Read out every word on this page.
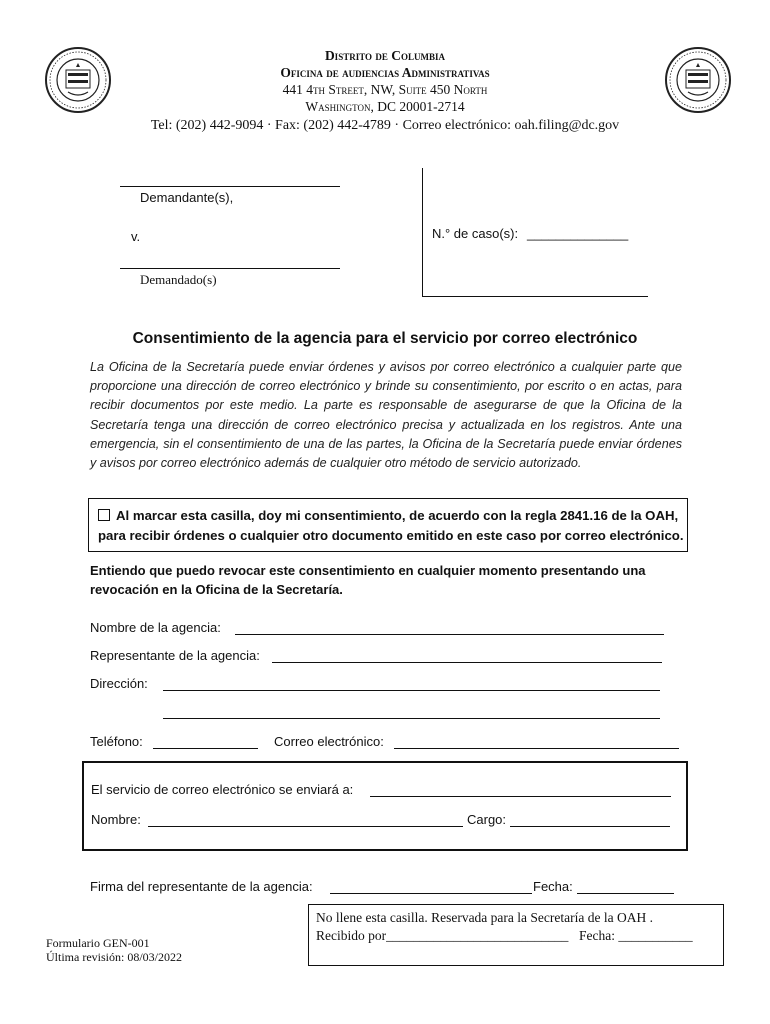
Distrito de Columbia
Oficina de audiencias Administrativas
441 4th Street, NW, Suite 450 North
Washington, DC 20001-2714
Tel: (202) 442-9094 · Fax: (202) 442-4789 · Correo electrónico: oah.filing@dc.gov
Demandante(s),
v.
Demandado(s)
N.° de caso(s): ______________
Consentimiento de la agencia para el servicio por correo electrónico
La Oficina de la Secretaría puede enviar órdenes y avisos por correo electrónico a cualquier parte que proporcione una dirección de correo electrónico y brinde su consentimiento, por escrito o en actas, para recibir documentos por este medio. La parte es responsable de asegurarse de que la Oficina de la Secretaría tenga una dirección de correo electrónico precisa y actualizada en los registros. Ante una emergencia, sin el consentimiento de una de las partes, la Oficina de la Secretaría puede enviar órdenes y avisos por correo electrónico además de cualquier otro método de servicio autorizado.
Al marcar esta casilla, doy mi consentimiento, de acuerdo con la regla 2841.16 de la OAH,
para recibir órdenes o cualquier otro documento emitido en este caso por correo electrónico.
Entiendo que puedo revocar este consentimiento en cualquier momento presentando una
revocación en la Oficina de la Secretaría.
Nombre de la agencia:
Representante de la agencia:
Dirección:
Teléfono:	Correo electrónico:
El servicio de correo electrónico se enviará a:
Nombre:	Cargo:
Firma del representante de la agencia:	Fecha:
No llene esta casilla. Reservada para la Secretaría de la OAH .
Recibido por___________________________ Fecha: ___________
Formulario GEN-001
Última revisión: 08/03/2022
